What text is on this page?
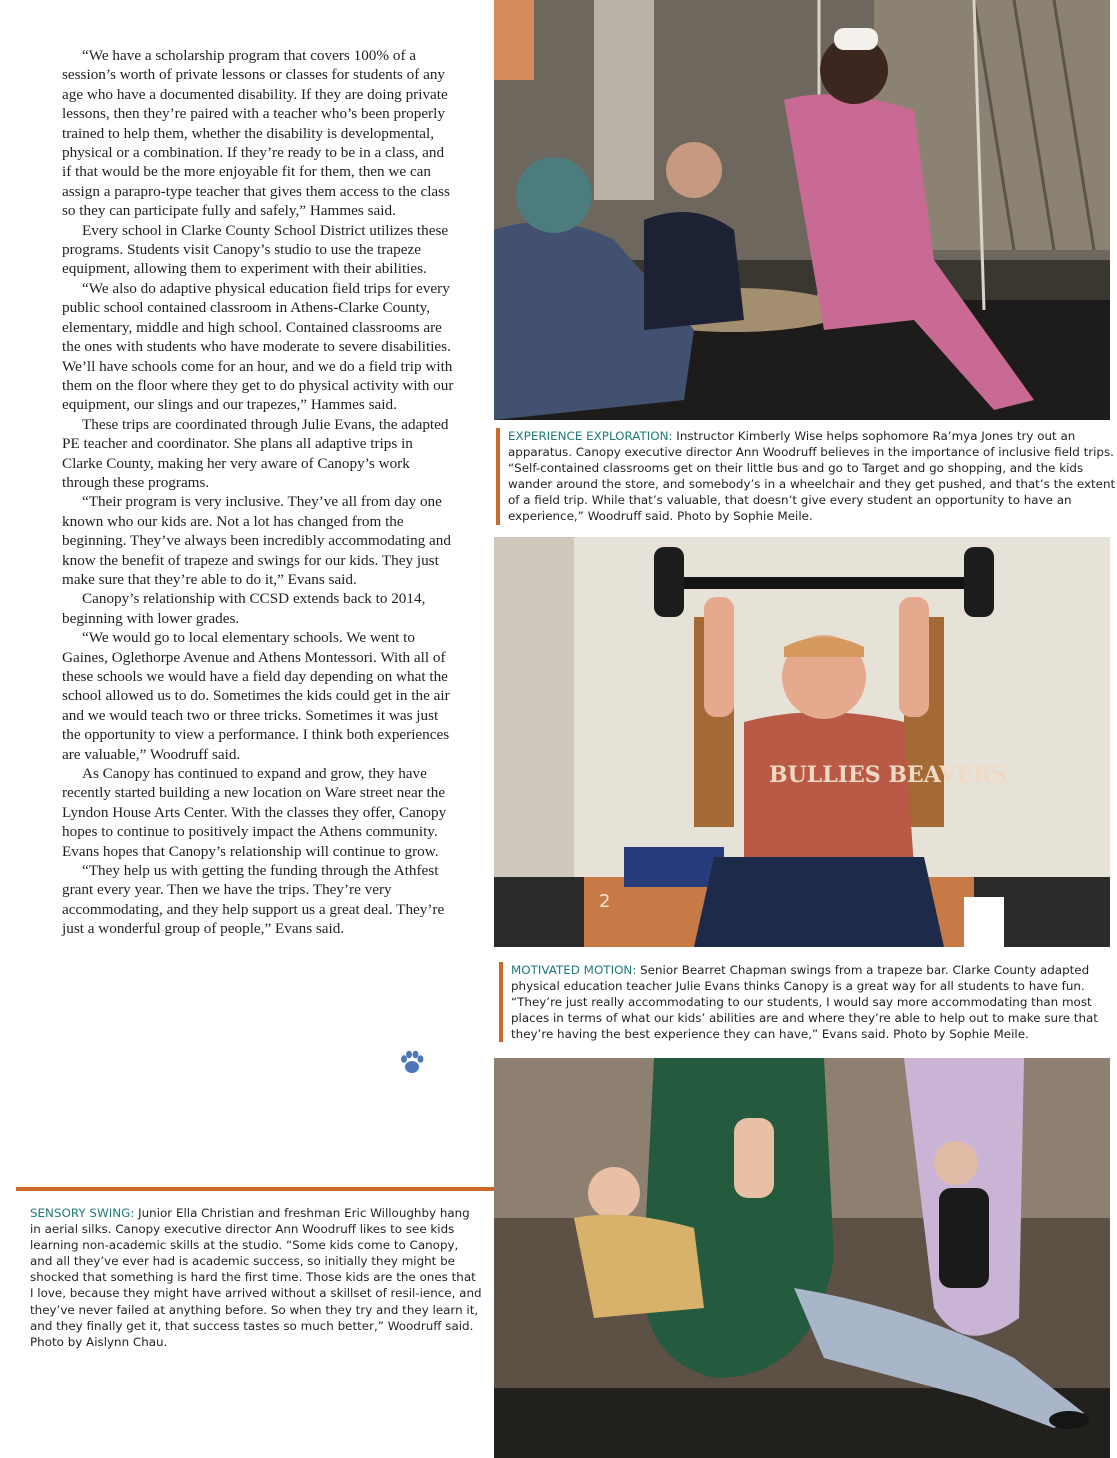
“We have a scholarship program that covers 100% of a session’s worth of private lessons or classes for students of any age who have a documented disability. If they are doing private lessons, then they’re paired with a teacher who’s been properly trained to help them, whether the disability is developmental, physical or a combination. If they’re ready to be in a class, and if that would be the more enjoyable fit for them, then we can assign a parapro-type teacher that gives them access to the class so they can participate fully and safely,” Hammes said.

Every school in Clarke County School District utilizes these programs. Students visit Canopy’s studio to use the trapeze equipment, allowing them to experiment with their abilities.

“We also do adaptive physical education field trips for every public school contained classroom in Athens-Clarke County, elementary, middle and high school. Contained classrooms are the ones with students who have moderate to severe disabilities. We’ll have schools come for an hour, and we do a field trip with them on the floor where they get to do physical activity with our equipment, our slings and our trapezes,” Hammes said.

These trips are coordinated through Julie Evans, the adapted PE teacher and coordinator. She plans all adaptive trips in Clarke County, making her very aware of Canopy’s work through these programs.

“Their program is very inclusive. They’ve all from day one known who our kids are. Not a lot has changed from the beginning. They’ve always been incredibly accommodating and know the benefit of trapeze and swings for our kids. They just make sure that they’re able to do it,” Evans said.

Canopy’s relationship with CCSD extends back to 2014, beginning with lower grades.

“We would go to local elementary schools. We went to Gaines, Oglethorpe Avenue and Athens Montessori. With all of these schools we would have a field day depending on what the school allowed us to do. Sometimes the kids could get in the air and we would teach two or three tricks. Sometimes it was just the opportunity to view a performance. I think both experiences are valuable,” Woodruff said.

As Canopy has continued to expand and grow, they have recently started building a new location on Ware street near the Lyndon House Arts Center. With the classes they offer, Canopy hopes to continue to positively impact the Athens community. Evans hopes that Canopy’s relationship will continue to grow.

“They help us with getting the funding through the Athfest grant every year. Then we have the trips. They’re very accommodating, and they help support us a great deal. They’re just a wonderful group of people,” Evans said.

EXPERIENCE EXPLORATION: Instructor Kimberly Wise helps sophomore Ra’mya Jones try out an apparatus. Canopy executive director Ann Woodruff believes in the importance of inclusive field trips. “Self-contained classrooms get on their little bus and go to Target and go shopping, and the kids wander around the store, and somebody’s in a wheelchair and they get pushed, and that’s the extent of a field trip. While that’s valuable, that doesn’t give every student an opportunity to have an experience,” Woodruff said. Photo by Sophie Meile.
2
BULLIES BEAVERS
MOTIVATED MOTION: Senior Bearret Chapman swings from a trapeze bar. Clarke County adapted physical education teacher Julie Evans thinks Canopy is a great way for all students to have fun. “They’re just really accommodating to our students, I would say more accommodating than most places in terms of what our kids’ abilities are and where they’re able to help out to make sure that they’re having the best experience they can have,” Evans said. Photo by Sophie Meile.
SENSORY SWING: Junior Ella Christian and freshman Eric Willoughby hang in aerial silks. Canopy executive director Ann Woodruff likes to see kids learning non-academic skills at the studio. “Some kids come to Canopy, and all they’ve ever had is academic success, so initially they might be shocked that something is hard the first time. Those kids are the ones that I love, because they might have arrived without a skillset of resil-ience, and they’ve never failed at anything before. So when they try and they learn it, and they finally get it, that success tastes so much better,” Woodruff said. Photo by Aislynn Chau.
